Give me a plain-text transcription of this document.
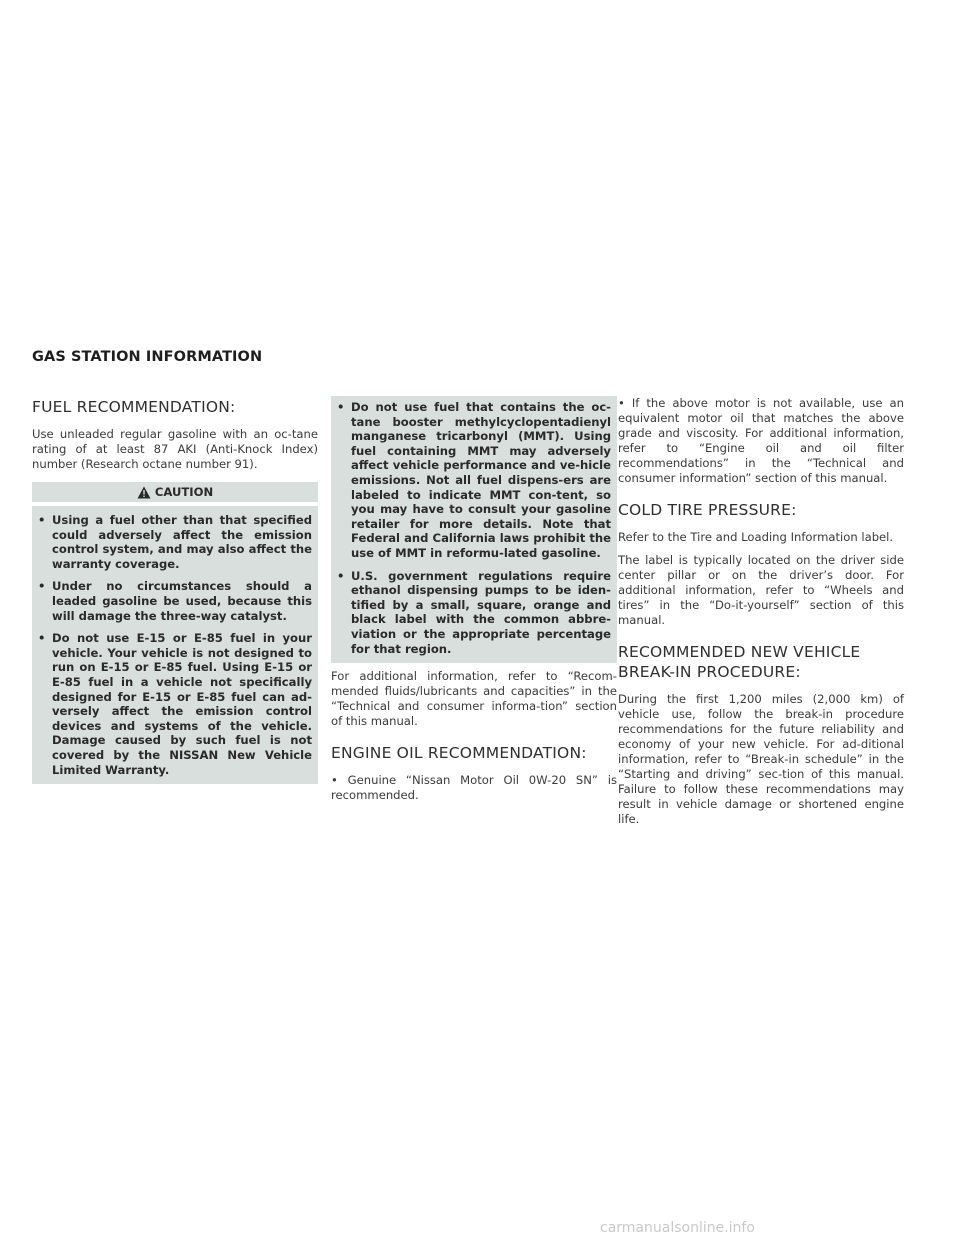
GAS STATION INFORMATION
FUEL RECOMMENDATION:

Use unleaded regular gasoline with an oc-tane rating of at least 87 AKI (Anti-Knock Index) number (Research octane number 91).

CAUTION
• Using a fuel other than that specified could adversely affect the emission control system, and may also affect the warranty coverage.
• Under no circumstances should a leaded gasoline be used, because this will damage the three-way catalyst.
• Do not use E-15 or E-85 fuel in your vehicle. Your vehicle is not designed to run on E-15 or E-85 fuel. Using E-15 or E-85 fuel in a vehicle not specifically designed for E-15 or E-85 fuel can ad-versely affect the emission control devices and systems of the vehicle. Damage caused by such fuel is not covered by the NISSAN New Vehicle Limited Warranty.
• Do not use fuel that contains the oc-tane booster methylcyclopentadienyl manganese tricarbonyl (MMT). Using fuel containing MMT may adversely affect vehicle performance and ve-hicle emissions. Not all fuel dispens-ers are labeled to indicate MMT con-tent, so you may have to consult your gasoline retailer for more details. Note that Federal and California laws prohibit the use of MMT in reformu-lated gasoline.
• U.S. government regulations require ethanol dispensing pumps to be iden-tified by a small, square, orange and black label with the common abbre-viation or the appropriate percentage for that region.

For additional information, refer to “Recom-mended fluids/lubricants and capacities” in the “Technical and consumer informa-tion” section of this manual.

ENGINE OIL RECOMMENDATION:

• Genuine “Nissan Motor Oil 0W-20 SN” is recommended.

• If the above motor is not available, use an equivalent motor oil that matches the above grade and viscosity. For additional information, refer to “Engine oil and oil filter recommendations” in the “Technical and consumer information” section of this manual.

COLD TIRE PRESSURE:

Refer to the Tire and Loading Information label.

The label is typically located on the driver side center pillar or on the driver’s door. For additional information, refer to “Wheels and tires” in the “Do-it-yourself” section of this manual.

RECOMMENDED NEW VEHICLE BREAK-IN PROCEDURE:

During the first 1,200 miles (2,000 km) of vehicle use, follow the break-in procedure recommendations for the future reliability and economy of your new vehicle. For ad-ditional information, refer to “Break-in schedule” in the “Starting and driving” sec-tion of this manual. Failure to follow these recommendations may result in vehicle damage or shortened engine life.

carmanualsonline.info
